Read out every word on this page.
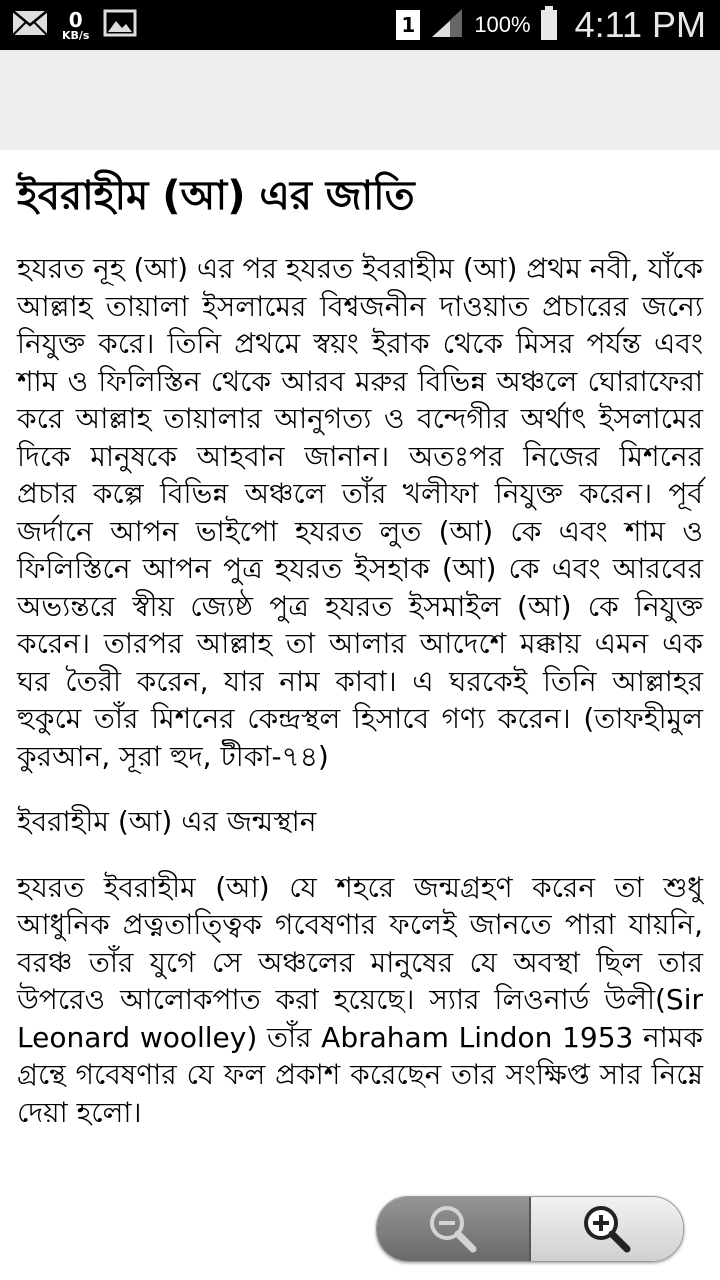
0
KB/s	1	100% 4:11 PM
ইবরাহীম (আ) এর জাতি

হযরত নূহ (আ) এর পর হযরত ইবরাহীম (আ) প্রথম নবী, যাঁকে আল্লাহ তায়ালা ইসলামের বিশ্বজনীন দাওয়াত প্রচারের জন্যে নিযুক্ত করে। তিনি প্রথমে স্বয়ং ইরাক থেকে মিসর পর্যন্ত এবং শাম ও ফিলিস্তিন থেকে আরব মরুর বিভিন্ন অঞ্চলে ঘোরাফেরা করে আল্লাহ তায়ালার আনুগত্য ও বন্দেগীর অর্থাৎ ইসলামের দিকে মানুষকে আহবান জানান। অতঃপর নিজের মিশনের প্রচার কল্পে বিভিন্ন অঞ্চলে তাঁর খলীফা নিযুক্ত করেন। পূর্ব জর্দানে আপন ভাইপো হযরত লুত (আ) কে এবং শাম ও ফিলিস্তিনে আপন পুত্র হযরত ইসহাক (আ) কে এবং আরবের অভ্যন্তরে স্বীয় জ্যেষ্ঠ পুত্র হযরত ইসমাইল (আ) কে নিযুক্ত করেন। তারপর আল্লাহ তা আলার আদেশে মক্কায় এমন এক ঘর তৈরী করেন, যার নাম কাবা। এ ঘরকেই তিনি আল্লাহর হুকুমে তাঁর মিশনের কেন্দ্রস্থল হিসাবে গণ্য করেন। (তাফহীমুল কুরআন, সূরা হুদ, টীকা-৭৪)

ইবরাহীম (আ) এর জন্মস্থান

হযরত ইবরাহীম (আ) যে শহরে জন্মগ্রহণ করেন তা শুধু আধুনিক প্রত্নতাত্ত্বিক গবেষণার ফলেই জানতে পারা যায়নি, বরঞ্চ তাঁর যুগে সে অঞ্চলের মানুষের যে অবস্থা ছিল তার উপরেও আলোকপাত করা হয়েছে। স্যার লিওনার্ড উলী(Sir Leonard woolley) তাঁর Abraham Lindon 1953 নামক গ্রন্থে গবেষণার যে ফল প্রকাশ করেছেন তার সংক্ষিপ্ত সার নিম্নে দেয়া হলো।
